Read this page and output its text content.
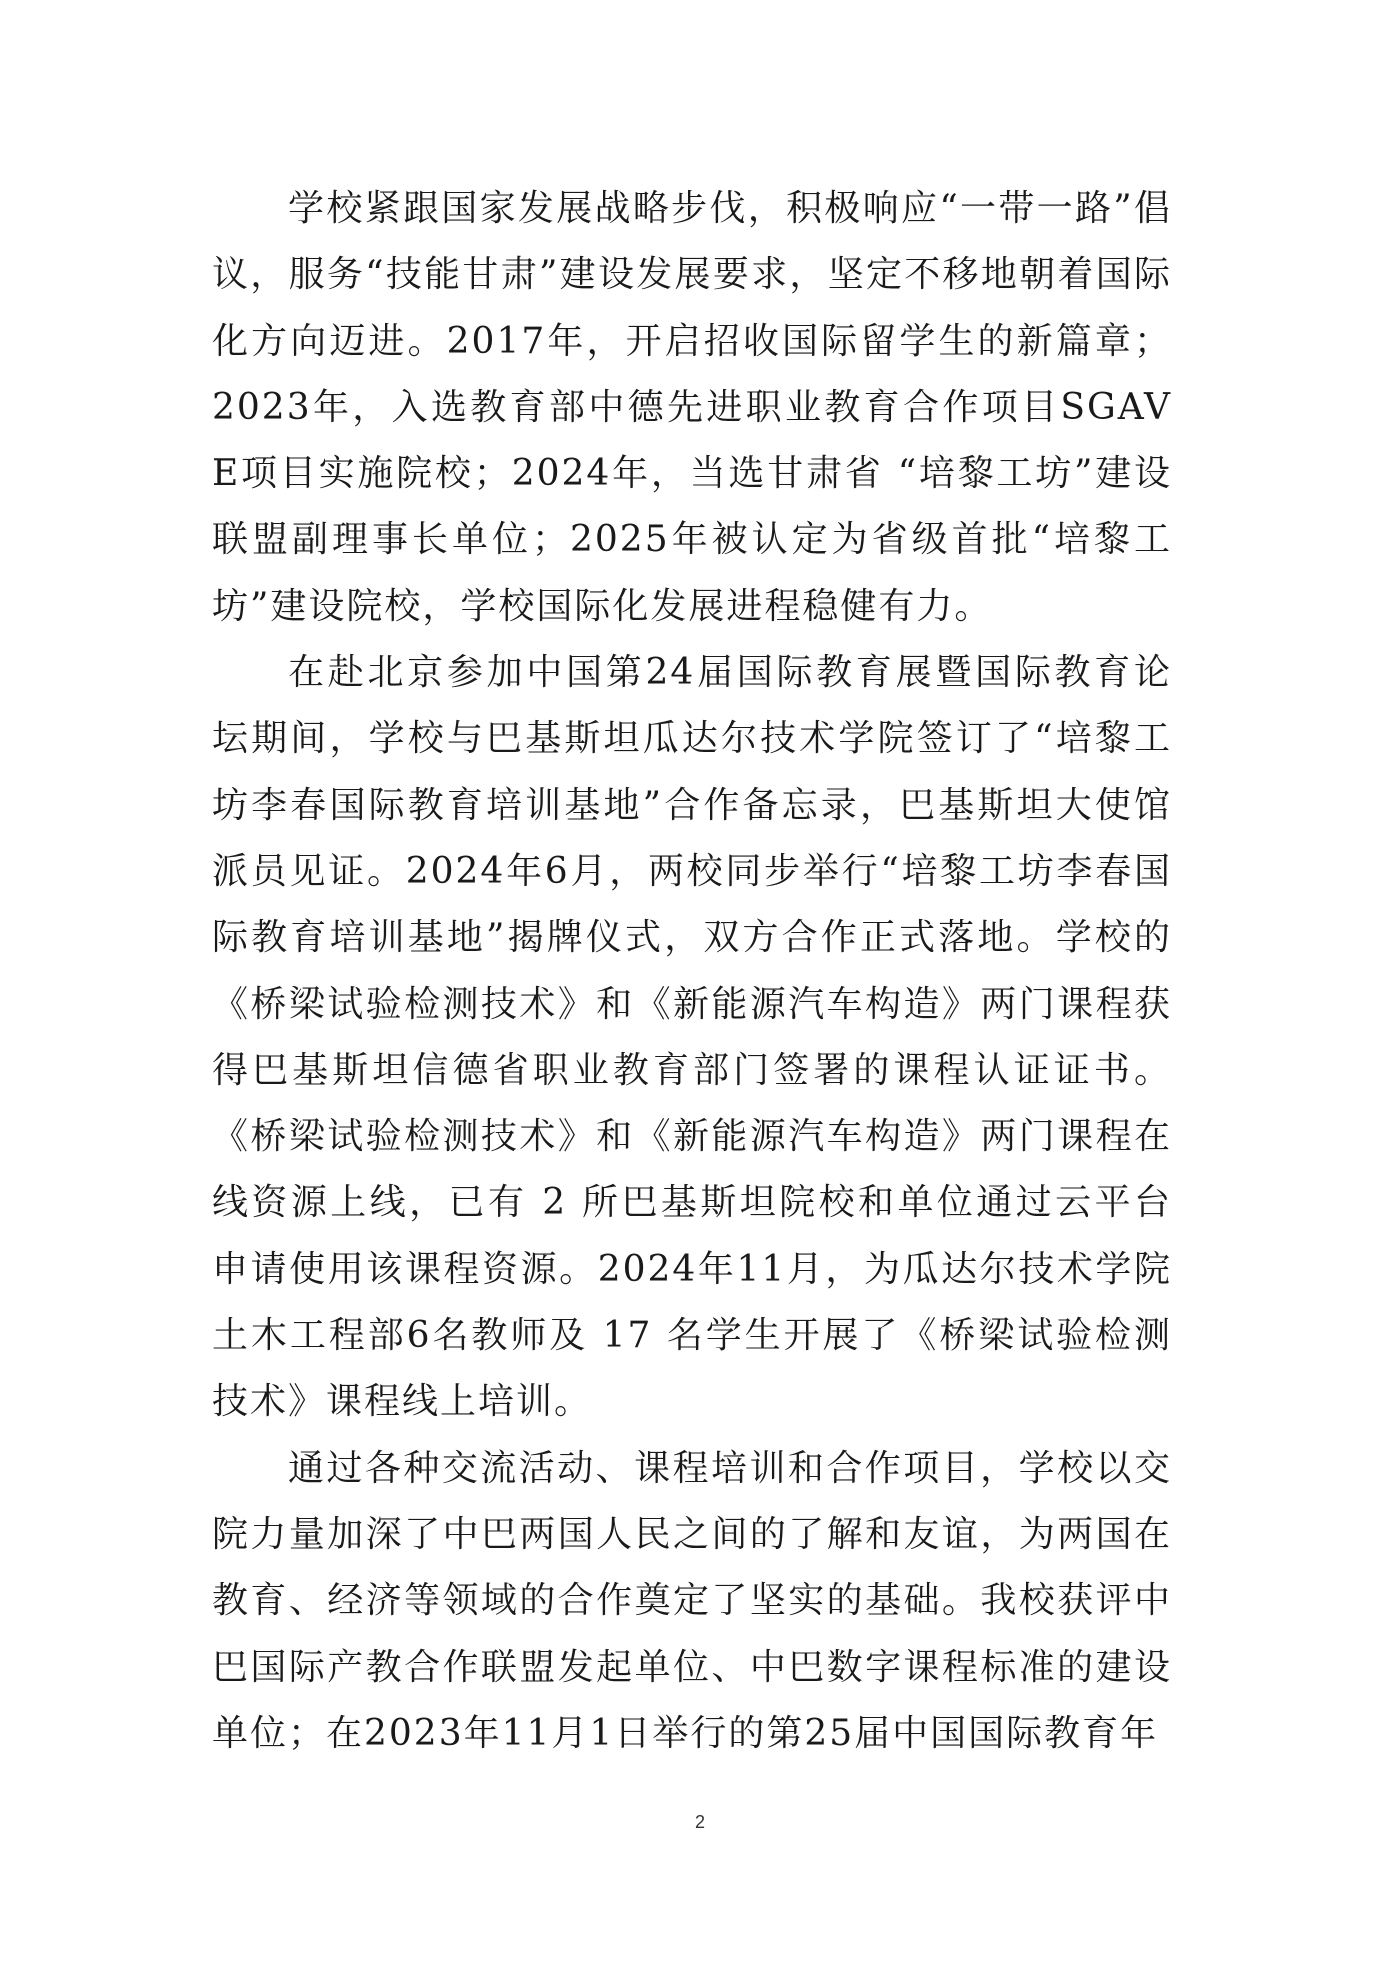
学校紧跟国家发展战略步伐，积极响应“一带一路”倡议，服务“技能甘肃”建设发展要求，坚定不移地朝着国际化方向迈进。2017年，开启招收国际留学生的新篇章；2023年，入选教育部中德先进职业教育合作项目SGAVE项目实施院校；2024年，当选甘肃省 “培黎工坊”建设联盟副理事长单位；2025年被认定为省级首批“培黎工坊”建设院校，学校国际化发展进程稳健有力。

在赴北京参加中国第24届国际教育展暨国际教育论坛期间，学校与巴基斯坦瓜达尔技术学院签订了“培黎工坊李春国际教育培训基地”合作备忘录，巴基斯坦大使馆派员见证。2024年6月，两校同步举行“培黎工坊李春国际教育培训基地”揭牌仪式，双方合作正式落地。学校的《桥梁试验检测技术》和《新能源汽车构造》两门课程获得巴基斯坦信德省职业教育部门签署的课程认证证书。《桥梁试验检测技术》和《新能源汽车构造》两门课程在线资源上线，已有 2 所巴基斯坦院校和单位通过云平台申请使用该课程资源。2024年11月，为瓜达尔技术学院土木工程部6名教师及 17 名学生开展了《桥梁试验检测技术》课程线上培训。

通过各种交流活动、课程培训和合作项目，学校以交院力量加深了中巴两国人民之间的了解和友谊，为两国在教育、经济等领域的合作奠定了坚实的基础。我校获评中巴国际产教合作联盟发起单位、中巴数字课程标准的建设单位；在2023年11月1日举行的第25届中国国际教育年

2
